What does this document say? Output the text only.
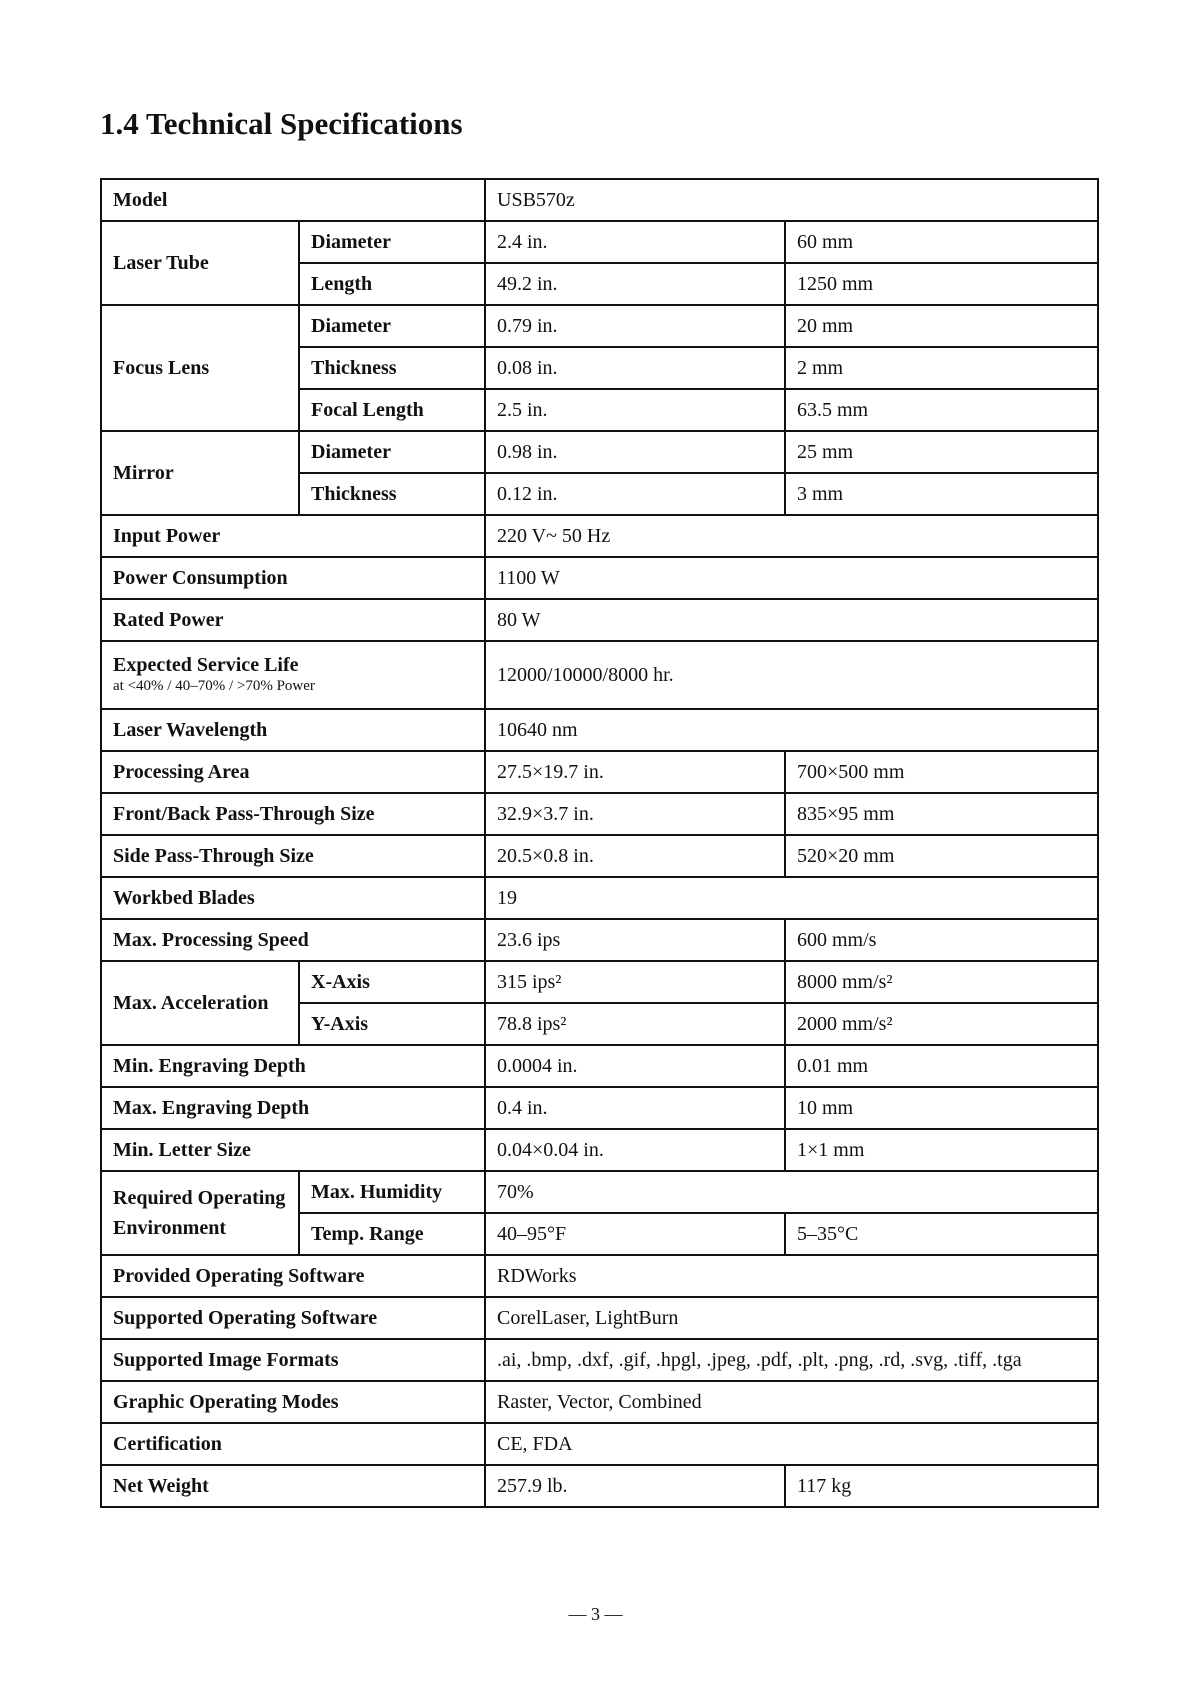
1.4 Technical Specifications
Model		USB570z	
Laser Tube	Diameter	2.4 in.	60 mm
	Length	49.2 in.	1250 mm
Focus Lens	Diameter	0.79 in.	20 mm
	Thickness	0.08 in.	2 mm
	Focal Length	2.5 in.	63.5 mm
Mirror	Diameter	0.98 in.	25 mm
	Thickness	0.12 in.	3 mm
Input Power		220 V~ 50 Hz	
Power Consumption		1100 W	
Rated Power		80 W	
Expected Service Life
at <40% / 40–70% / >70% Power		12000/10000/8000 hr.	
Laser Wavelength		10640 nm	
Processing Area		27.5×19.7 in.	700×500 mm
Front/Back Pass-Through Size		32.9×3.7 in.	835×95 mm
Side Pass-Through Size		20.5×0.8 in.	520×20 mm
Workbed Blades		19	
Max. Processing Speed		23.6 ips	600 mm/s
Max. Acceleration	X-Axis	315 ips²	8000 mm/s²
	Y-Axis	78.8 ips²	2000 mm/s²
Min. Engraving Depth		0.0004 in.	0.01 mm
Max. Engraving Depth		0.4 in.	10 mm
Min. Letter Size		0.04×0.04 in.	1×1 mm
Required Operating Environment	Max. Humidity	70%	
	Temp. Range	40–95°F	5–35°C
Provided Operating Software		RDWorks	
Supported Operating Software		CorelLaser, LightBurn	
Supported Image Formats		.ai, .bmp, .dxf, .gif, .hpgl, .jpeg, .pdf, .plt, .png, .rd, .svg, .tiff, .tga	
Graphic Operating Modes		Raster, Vector, Combined	
Certification		CE, FDA	
Net Weight		257.9 lb.	117 kg
— 3 —
